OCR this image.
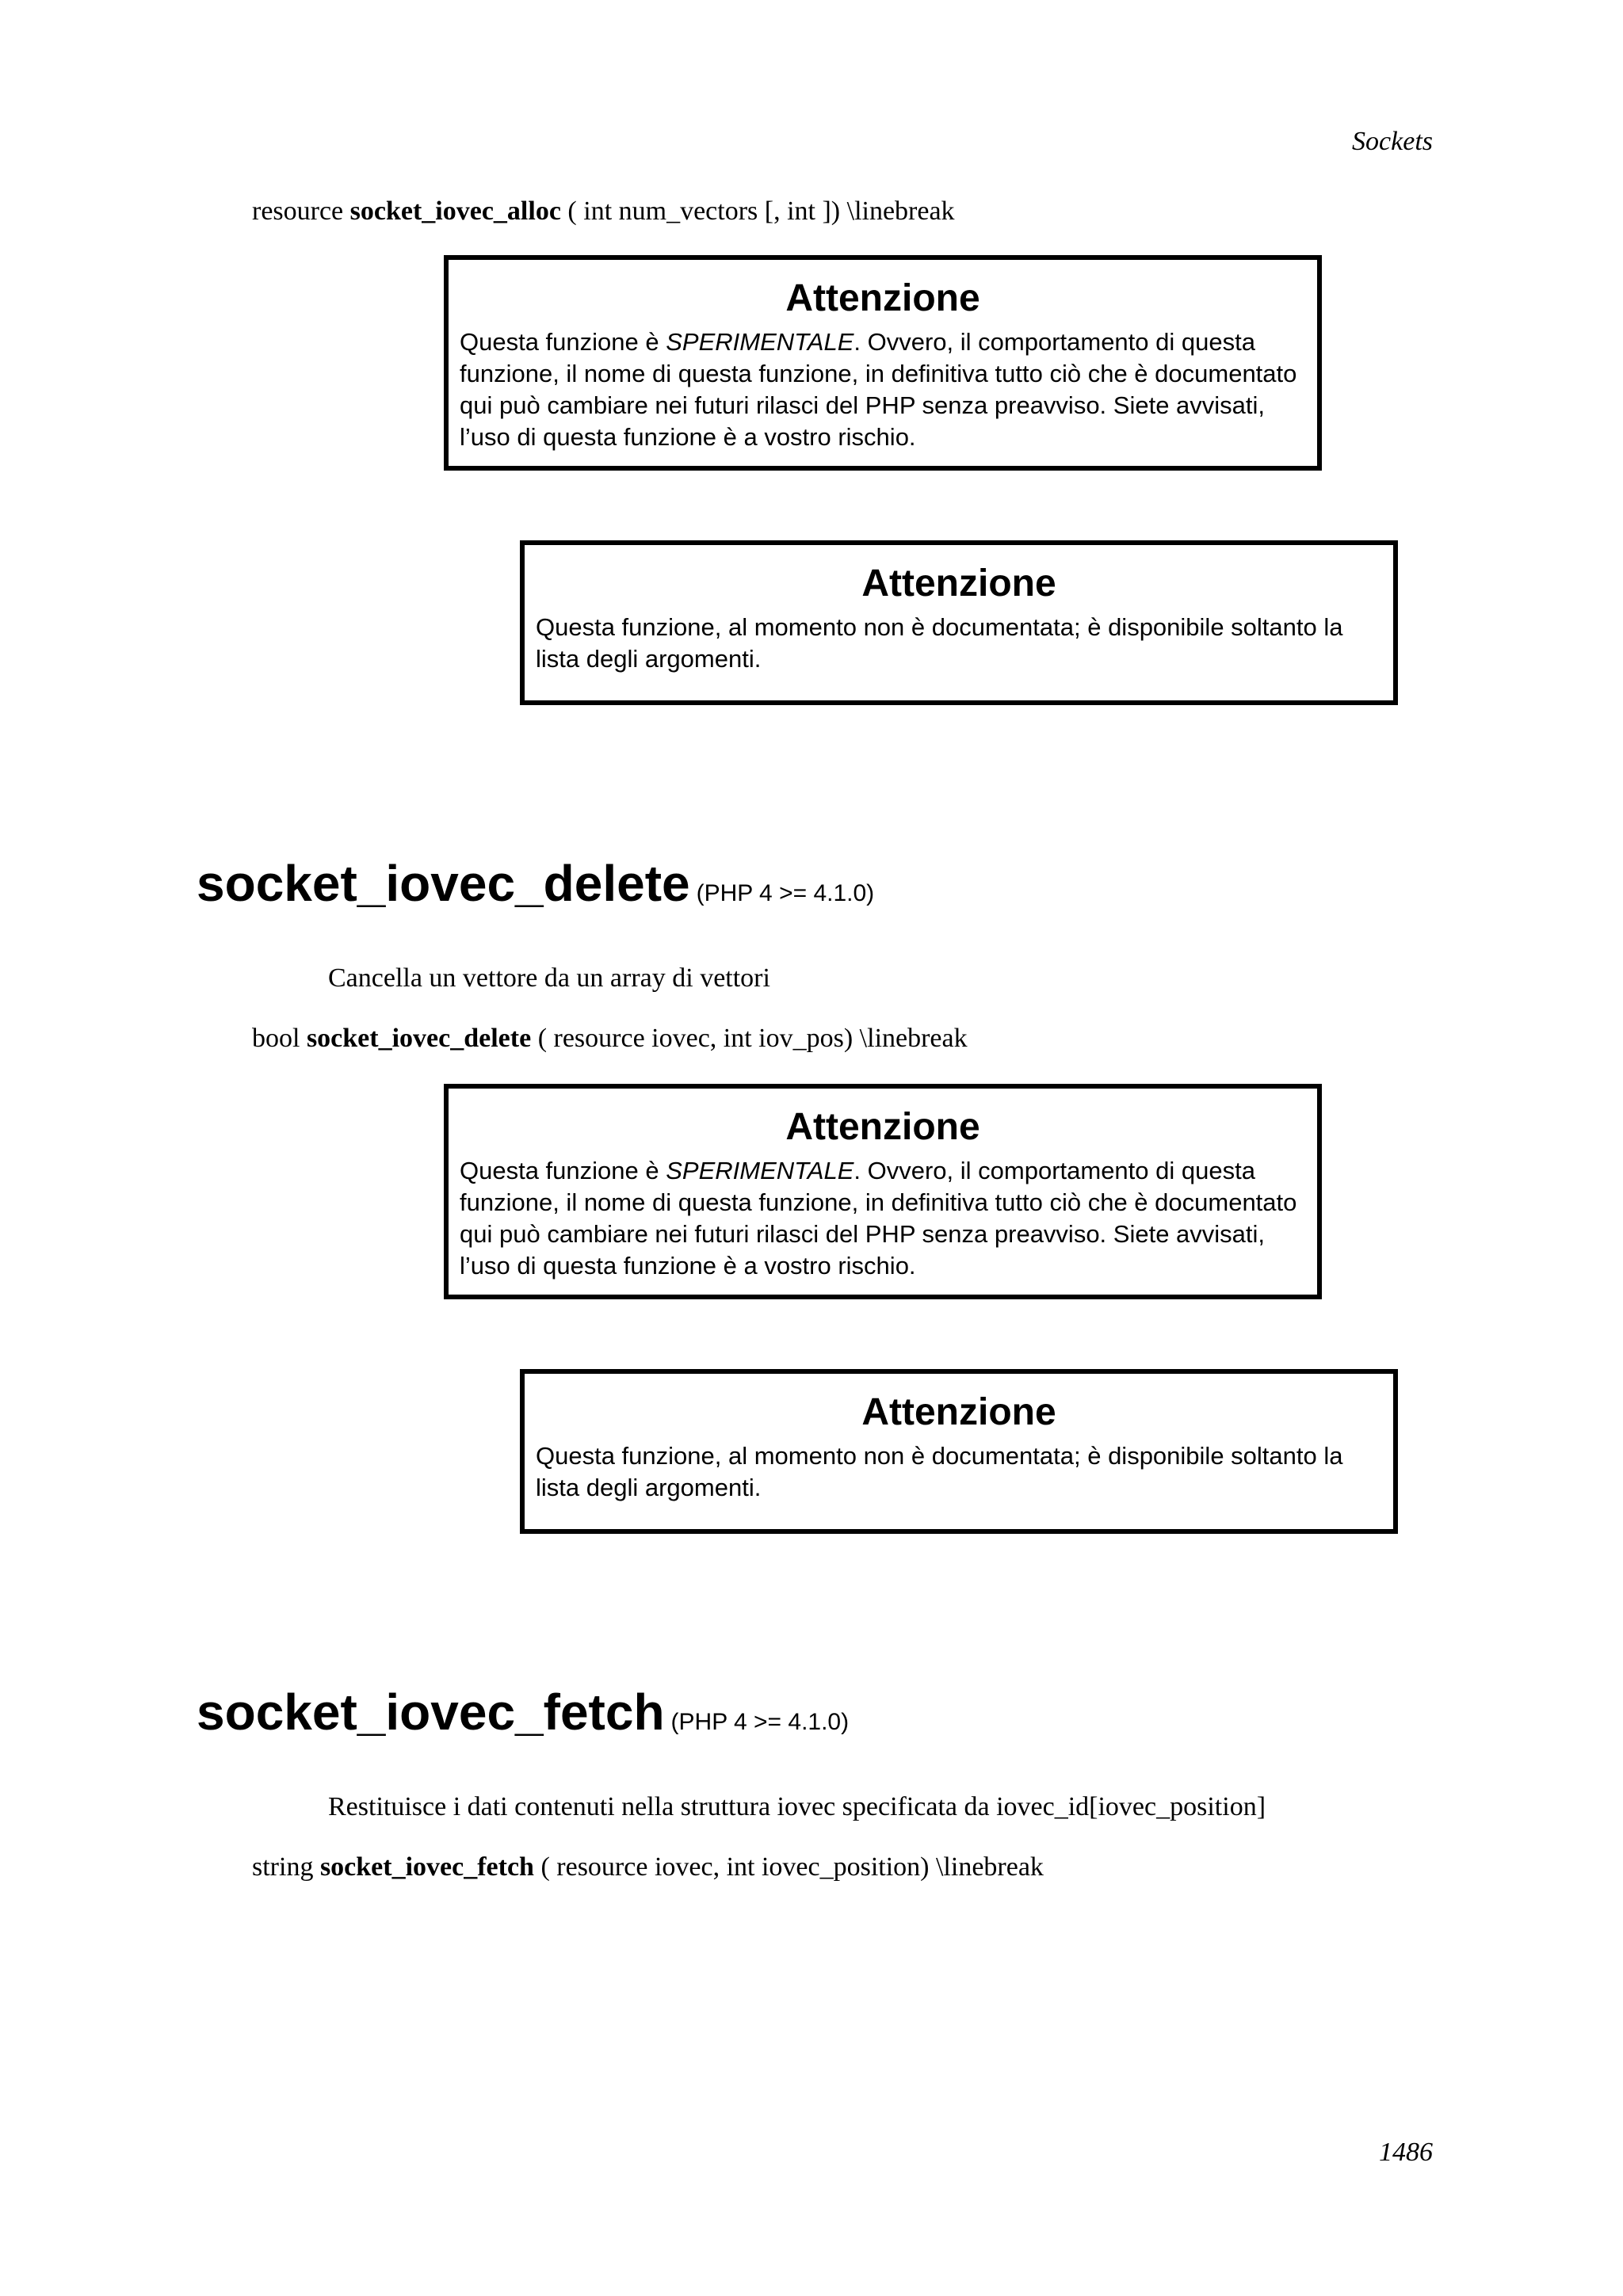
Sockets
resource socket_iovec_alloc ( int num_vectors [, int ]) \linebreak
Attenzione
Questa funzione è SPERIMENTALE. Ovvero, il comportamento di questa funzione, il nome di questa funzione, in definitiva tutto ciò che è documentato qui può cambiare nei futuri rilasci del PHP senza preavviso. Siete avvisati, l’uso di questa funzione è a vostro rischio.
Attenzione
Questa funzione, al momento non è documentata; è disponibile soltanto la lista degli argomenti.
socket_iovec_delete (PHP 4 >= 4.1.0)
Cancella un vettore da un array di vettori
bool socket_iovec_delete ( resource iovec, int iov_pos) \linebreak
Attenzione
Questa funzione è SPERIMENTALE. Ovvero, il comportamento di questa funzione, il nome di questa funzione, in definitiva tutto ciò che è documentato qui può cambiare nei futuri rilasci del PHP senza preavviso. Siete avvisati, l’uso di questa funzione è a vostro rischio.
Attenzione
Questa funzione, al momento non è documentata; è disponibile soltanto la lista degli argomenti.
socket_iovec_fetch (PHP 4 >= 4.1.0)
Restituisce i dati contenuti nella struttura iovec specificata da iovec_id[iovec_position]
string socket_iovec_fetch ( resource iovec, int iovec_position) \linebreak
1486
